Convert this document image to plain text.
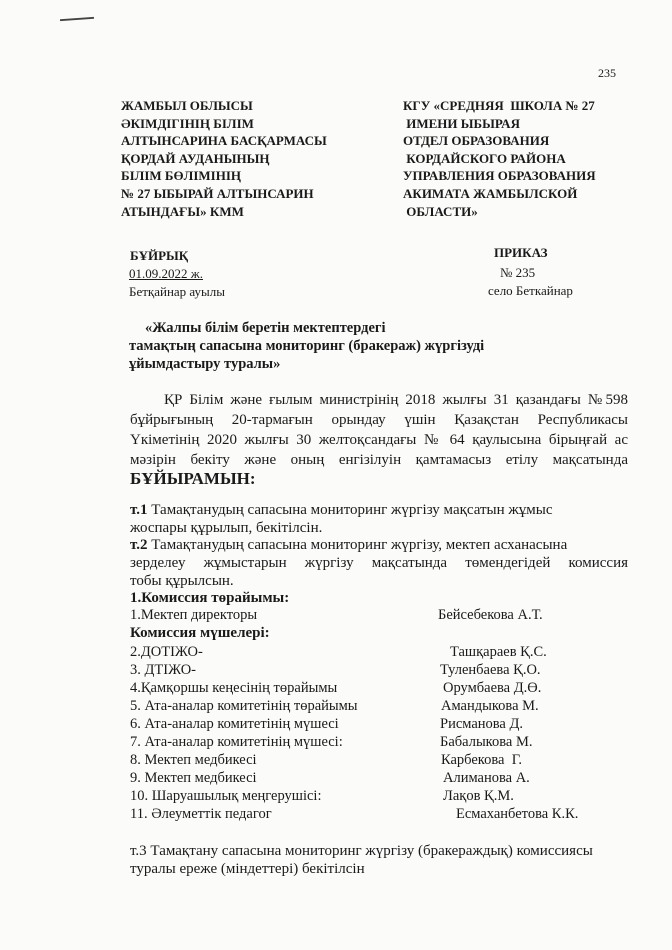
235
ЖАМБЫЛ ОБЛЫСЫ
ӘКІМДІГІНІҢ БІЛІМ
АЛТЫНСАРИНА БАСҚАРМАСЫ
ҚОРДАЙ АУДАНЫНЫҢ
БІЛІМ БӨЛІМІНІҢ
№ 27 ЫБЫРАЙ АЛТЫНСАРИН
АТЫНДАҒЫ» КММ
КГУ «СРЕДНЯЯ  ШКОЛА № 27
ИМЕНИ ЫБЫРАЯ
ОТДЕЛ ОБРАЗОВАНИЯ
КОРДАЙСКОГО РАЙОНА
УПРАВЛЕНИЯ ОБРАЗОВАНИЯ
АКИМАТА ЖАМБЫЛСКОЙ
ОБЛАСТИ»
БҰЙРЫҚ	ПРИКАЗ
01.09.2022 ж.	№ 235
Бетқайнар ауылы	село Беткайнар
«Жалпы білім беретін мектептердегі
тамақтың сапасына мониторинг (бракераж) жүргізуді
ұйымдастыру туралы»
ҚР Білім және ғылым министрінің 2018 жылғы 31 қазандағы №598
бұйрығының 20-тармағын орындау үшін Қазақстан Республикасы
Үкіметінің 2020 жылғы 30 желтоқсандағы № 64 қаулысына бірыңғай ас
мәзірін бекіту және оның енгізілуін қамтамасыз етілу мақсатында
БҰЙЫРАМЫН:
т.1 Тамақтанудың сапасына мониторинг жүргізу мақсатын жұмыс
жоспары құрылып, бекітілсін.
т.2 Тамақтанудың сапасына мониторинг жүргізу, мектеп асханасына
зерделеу жұмыстарын жүргізу мақсатында төмендегідей комиссия
тобы құрылсын.
1.Комиссия төрайымы:
1.Мектеп директоры	Бейсебекова А.Т.
Комиссия мүшелері:
2.ДОТІЖО-	Ташқараев Қ.С.
3. ДТІЖО-	Туленбаева Қ.О.
4.Қамқоршы кеңесінің төрайымы	Орумбаева Д.Ө.
5. Ата-аналар комитетінің төрайымы	Амандыкова М.
6. Ата-аналар комитетінің мүшесі	Рисманова Д.
7. Ата-аналар комитетінің мүшесі:	Бабалыкова М.
8. Мектеп медбикесі	Карбекова  Г.
9. Мектеп медбикесі	Алиманова А.
10. Шаруашылық меңгерушісі:	Лақов Қ.М.
11. Әлеуметтік педагог	Есмаханбетова К.К.
т.3 Тамақтану сапасына мониторинг жүргізу (бракераждық) комиссиясы
туралы ереже (міндеттері) бекітілсін
